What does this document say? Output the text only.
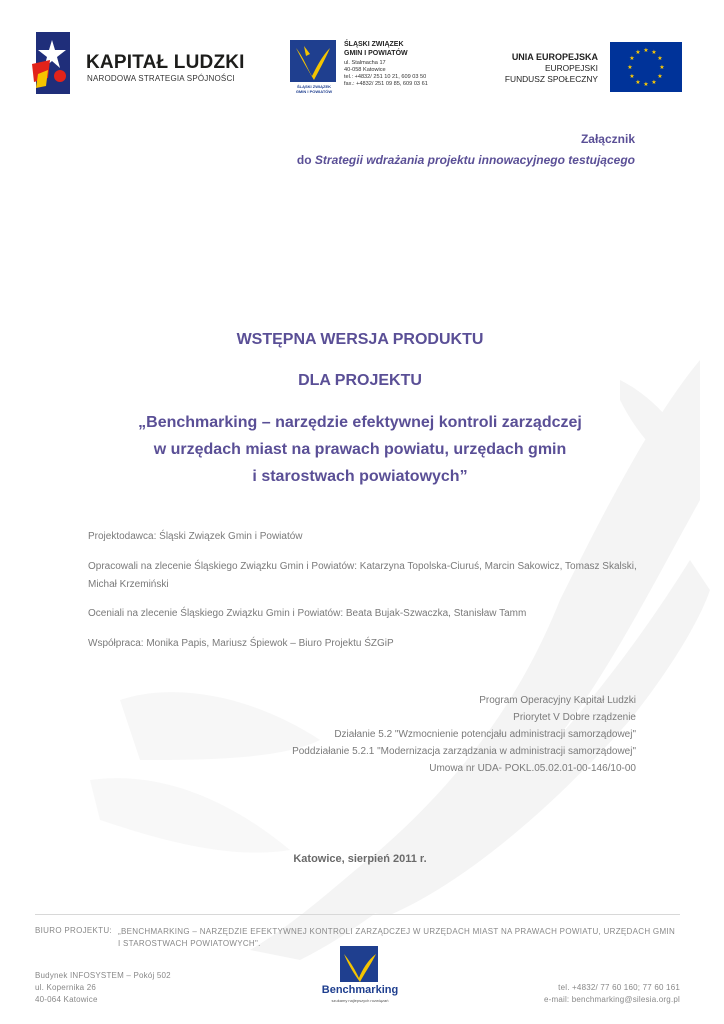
KAPITAŁ LUDZKI
NARODOWA STRATEGIA SPÓJNOŚCI
ŚLĄSKI ZWIĄZEK
GMIN I POWIATÓW
ŚLĄSKI ZWIĄZEK
GMIN I POWIATÓW
ul. Stalmacha 17
40-058 Katowice
tel.: +4832/ 251 10 21, 609 03 50
fax.: +4832/ 251 09 85, 609 03 61
UNIA EUROPEJSKA
EUROPEJSKI
FUNDUSZ SPOŁECZNY
★ ★
★
★
★
★
★
★
★
★
★
★
Załącznik
do Strategii wdrażania projektu innowacyjnego testującego
WSTĘPNA WERSJA PRODUKTU
DLA PROJEKTU
„Benchmarking – narzędzie efektywnej kontroli zarządczej
w urzędach miast na prawach powiatu, urzędach gmin
i starostwach powiatowych”
Projektodawca: Śląski Związek Gmin i Powiatów
Opracowali na zlecenie Śląskiego Związku Gmin i Powiatów: Katarzyna Topolska-Ciuruś, Marcin Sakowicz, Tomasz Skalski, Michał Krzemiński
Oceniali na zlecenie Śląskiego Związku Gmin i Powiatów: Beata Bujak-Szwaczka, Stanisław Tamm
Współpraca: Monika Papis, Mariusz Śpiewok – Biuro Projektu ŚZGiP
Program Operacyjny Kapitał Ludzki
Priorytet V Dobre rządzenie
Działanie 5.2 "Wzmocnienie potencjału administracji samorządowej"
Poddziałanie 5.2.1 "Modernizacja zarządzania w administracji samorządowej"
Umowa nr UDA- POKL.05.02.01-00-146/10-00
Katowice, sierpień 2011 r.
BIURO PROJEKTU: „BENCHMARKING – NARZĘDZIE EFEKTYWNEJ KONTROLI ZARZĄDCZEJ W URZĘDACH MIAST NA PRAWACH POWIATU, URZĘDACH GMIN
I STAROSTWACH POWIATOWYCH".
Budynek INFOSYSTEM – Pokój 502
ul. Kopernika 26
40-064 Katowice
Benchmarking
szukamy najlepszych rozwiązań
tel. +4832/ 77 60 160; 77 60 161
e-mail: benchmarking@silesia.org.pl
